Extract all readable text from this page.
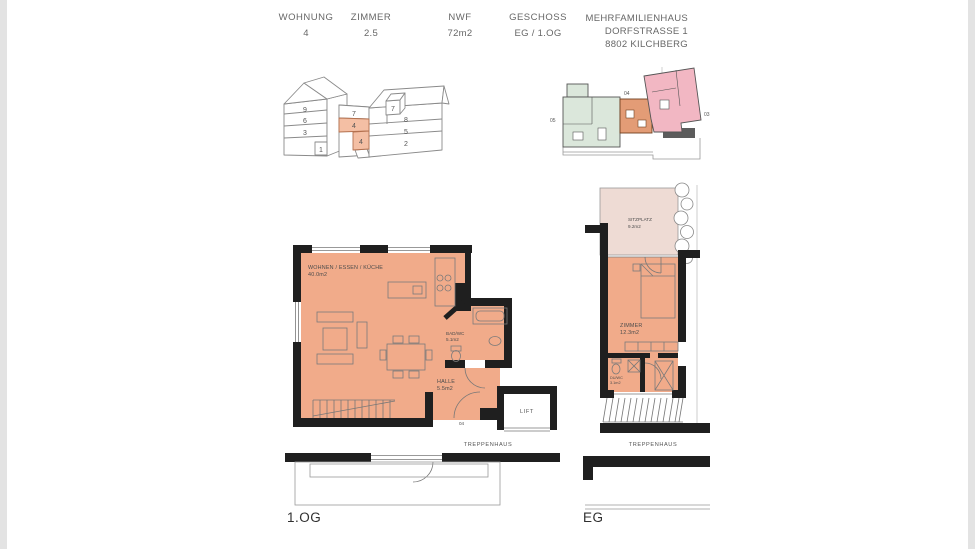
WOHNUNG
4
ZIMMER
2.5
NWF
72m2
GESCHOSS
EG / 1.OG
MEHRFAMILIENHAUS
DORFSTRASSE 1
8802 KILCHBERG
9
6
3
1
7
4
4
7
8
5
2
05
04
03
WOHNEN / ESSEN / KÜCHE
40.0m2
BAD/WC
5.1m2
HALLE
5.5m2
04
LIFT
TREPPENHAUS
1.OG
SITZPLATZ
9.2m2
ZIMMER
12.3m2
DU/WC
3.1m2
TREPPENHAUS
EG
